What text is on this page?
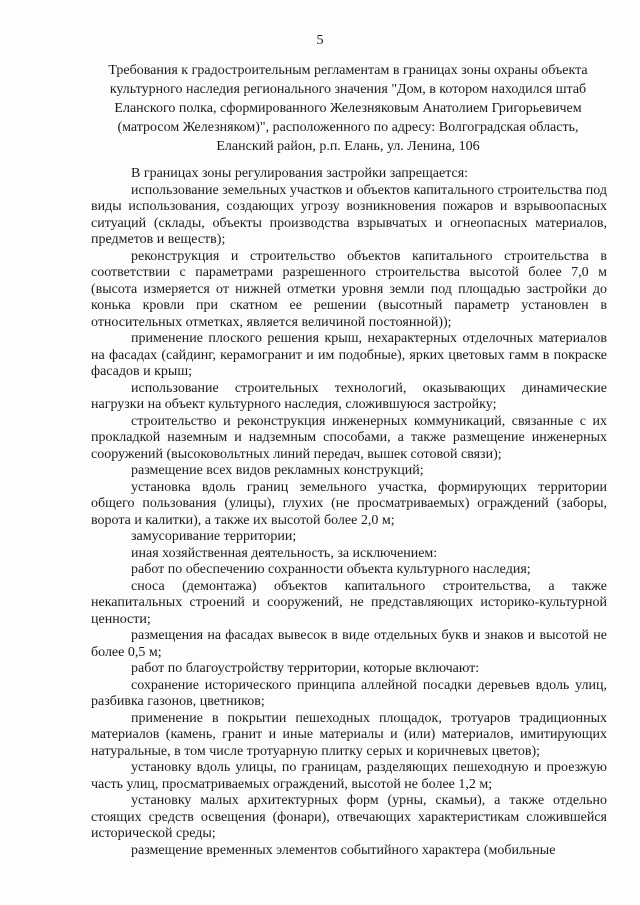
5
Требования к градостроительным регламентам в границах зоны охраны объекта
культурного наследия регионального значения "Дом, в котором находился штаб
Еланского полка, сформированного Железняковым Анатолием Григорьевичем
(матросом Железняком)", расположенного по адресу: Волгоградская область,
Еланский район, р.п. Елань, ул. Ленина, 106

В границах зоны регулирования застройки запрещается:

использование земельных участков и объектов капитального строительства под виды использования, создающих угрозу возникновения пожаров и взрывоопасных ситуаций (склады, объекты производства взрывчатых и огнеопасных материалов, предметов и веществ);

реконструкция и строительство объектов капитального строительства в соответствии с параметрами разрешенного строительства высотой более 7,0 м (высота измеряется от нижней отметки уровня земли под площадью застройки до конька кровли при скатном ее решении (высотный параметр установлен в относительных отметках, является величиной постоянной));

применение плоского решения крыш, нехарактерных отделочных материалов на фасадах (сайдинг, керамогранит и им подобные), ярких цветовых гамм в покраске фасадов и крыш;

использование строительных технологий, оказывающих динамические нагрузки на объект культурного наследия, сложившуюся застройку;

строительство и реконструкция инженерных коммуникаций, связанные с их прокладкой наземным и надземным способами, а также размещение инженерных сооружений (высоковольтных линий передач, вышек сотовой связи);

размещение всех видов рекламных конструкций;

установка вдоль границ земельного участка, формирующих территории общего пользования (улицы), глухих (не просматриваемых) ограждений (заборы, ворота и калитки), а также их высотой более 2,0 м;

замусоривание территории;

иная хозяйственная деятельность, за исключением:

работ по обеспечению сохранности объекта культурного наследия;

сноса (демонтажа) объектов капитального строительства, а также некапитальных строений и сооружений, не представляющих историко-культурной ценности;

размещения на фасадах вывесок в виде отдельных букв и знаков и высотой не более 0,5 м;

работ по благоустройству территории, которые включают:

сохранение исторического принципа аллейной посадки деревьев вдоль улиц, разбивка газонов, цветников;

применение в покрытии пешеходных площадок, тротуаров традиционных материалов (камень, гранит и иные материалы и (или) материалов, имитирующих натуральные, в том числе тротуарную плитку серых и коричневых цветов);

установку вдоль улицы, по границам, разделяющих пешеходную и проезжую часть улиц, просматриваемых ограждений, высотой не более 1,2 м;

установку малых архитектурных форм (урны, скамьи), а также отдельно стоящих средств освещения (фонари), отвечающих характеристикам сложившейся исторической среды;

размещение временных элементов событийного характера (мобильные
